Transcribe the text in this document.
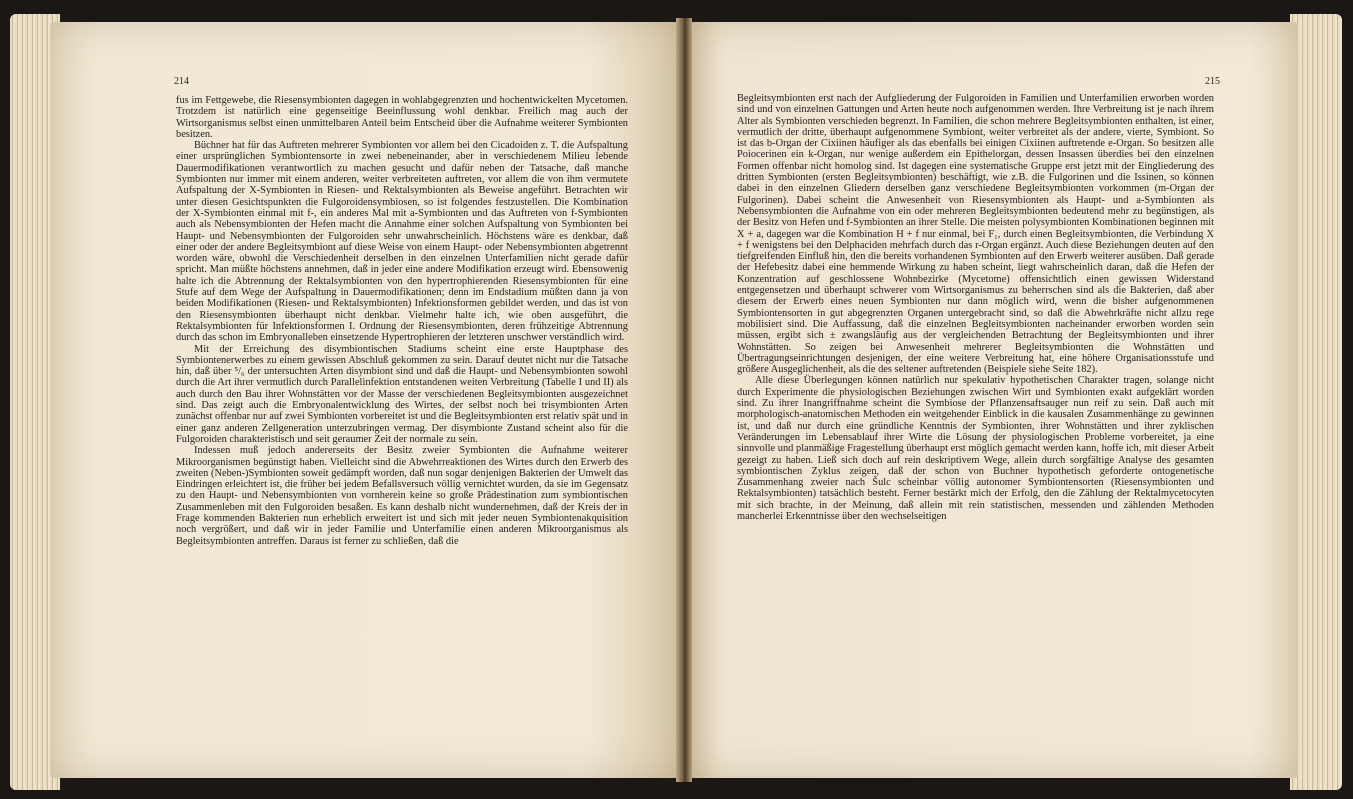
214	215

fus im Fettgewebe, die Riesensymbionten dagegen in wohlabgegrenzten und hochentwickelten Mycetomen. Trotzdem ist natürlich eine gegenseitige Beeinflussung wohl denkbar. Freilich mag auch der Wirtsorganismus selbst einen unmittelbaren Anteil beim Entscheid über die Aufnahme weiterer Symbionten besitzen.

Büchner hat für das Auftreten mehrerer Symbionten vor allem bei den Cicadoiden z. T. die Aufspaltung einer ursprünglichen Symbiontensorte in zwei nebeneinander, aber in verschiedenem Milieu lebende Dauermodifikationen verantwortlich zu machen gesucht und dafür neben der Tatsache, daß manche Symbionten nur immer mit einem anderen, weiter verbreiteten auftreten, vor allem die von ihm vermutete Aufspaltung der X-Symbionten in Riesen- und Rektalsymbionten als Beweise angeführt. Betrachten wir unter diesen Gesichtspunkten die Fulgoroidensymbiosen, so ist folgendes festzustellen. Die Kombination der X-Symbionten einmal mit f-, ein anderes Mal mit a-Symbionten und das Auftreten von f-Symbionten auch als Nebensymbionten der Hefen macht die Annahme einer solchen Aufspaltung von Symbionten bei Haupt- und Nebensymbionten der Fulgoroiden sehr unwahrscheinlich. Höchstens wäre es denkbar, daß einer oder der andere Begleitsymbiont auf diese Weise von einem Haupt- oder Nebensymbionten abgetrennt worden wäre, obwohl die Verschiedenheit derselben in den einzelnen Unterfamilien nicht gerade dafür spricht. Man müßte höchstens annehmen, daß in jeder eine andere Modifikation erzeugt wird. Ebensowenig halte ich die Abtrennung der Rektalsymbionten von den hypertrophierenden Riesensymbionten für eine Stufe auf dem Wege der Aufspaltung in Dauermodifikationen; denn im Endstadium müßten dann ja von beiden Modifikationen (Riesen- und Rektalsymbionten) Infektionsformen gebildet werden, und das ist von den Riesensymbionten überhaupt nicht denkbar. Vielmehr halte ich, wie oben ausgeführt, die Rektalsymbionten für Infektionsformen I. Ordnung der Riesensymbionten, deren frühzeitige Abtrennung durch das schon im Embryonalleben einsetzende Hypertrophieren der letzteren unschwer verständlich wird.

Mit der Erreichung des disymbiontischen Stadiums scheint eine erste Hauptphase des Symbiontenerwerbes zu einem gewissen Abschluß gekommen zu sein. Darauf deutet nicht nur die Tatsache hin, daß über ⁵/₆ der untersuchten Arten disymbiont sind und daß die Haupt- und Nebensymbionten sowohl durch die Art ihrer vermutlich durch Parallelinfektion entstandenen weiten Verbreitung (Tabelle I und II) als auch durch den Bau ihrer Wohnstätten vor der Masse der verschiedenen Begleitsymbionten ausgezeichnet sind. Das zeigt auch die Embryonalentwicklung des Wirtes, der selbst noch bei trisymbionten Arten zunächst offenbar nur auf zwei Symbionten vorbereitet ist und die Begleitsymbionten erst relativ spät und in einer ganz anderen Zellgeneration unterzubringen vermag. Der disymbionte Zustand scheint also für die Fulgoroiden charakteristisch und seit geraumer Zeit der normale zu sein.

Indessen muß jedoch andererseits der Besitz zweier Symbionten die Aufnahme weiterer Mikroorganismen begünstigt haben. Vielleicht sind die Abwehrreaktionen des Wirtes durch den Erwerb des zweiten (Neben-)Symbionten soweit gedämpft worden, daß nun sogar denjenigen Bakterien der Umwelt das Eindringen erleichtert ist, die früher bei jedem Befallsversuch völlig vernichtet wurden, da sie im Gegensatz zu den Haupt- und Nebensymbionten von vornherein keine so große Prädestination zum symbiontischen Zusammenleben mit den Fulgoroiden besaßen. Es kann deshalb nicht wundernehmen, daß der Kreis der in Frage kommenden Bakterien nun erheblich erweitert ist und sich mit jeder neuen Symbiontenakquisition noch vergrößert, und daß wir in jeder Familie und Unterfamilie einen anderen Mikroorganismus als Begleitsymbionten antreffen. Daraus ist ferner zu schließen, daß die

Begleitsymbionten erst nach der Aufgliederung der Fulgoroiden in Familien und Unterfamilien erworben worden sind und von einzelnen Gattungen und Arten heute noch aufgenommen werden. Ihre Verbreitung ist je nach ihrem Alter als Symbionten verschieden begrenzt. In Familien, die schon mehrere Begleitsymbionten enthalten, ist einer, vermutlich der dritte, überhaupt aufgenommene Symbiont, weiter verbreitet als der andere, vierte, Symbiont. So ist das b-Organ der Cixiinen häufiger als das ebenfalls bei einigen Cixiinen auftretende e-Organ. So besitzen alle Poiocerinen ein k-Organ, nur wenige außerdem ein Epithelorgan, dessen Insassen überdies bei den einzelnen Formen offenbar nicht homolog sind. Ist dagegen eine systematische Gruppe erst jetzt mit der Eingliederung des dritten Symbionten (ersten Begleitsymbionten) beschäftigt, wie z.B. die Fulgorinen und die Issinen, so können dabei in den einzelnen Gliedern derselben ganz verschiedene Begleitsymbionten vorkommen (m-Organ der Fulgorinen). Dabei scheint die Anwesenheit von Riesensymbionten als Haupt- und a-Symbionten als Nebensymbionten die Aufnahme von ein oder mehreren Begleitsymbionten bedeutend mehr zu begünstigen, als der Besitz von Hefen und f-Symbionten an ihrer Stelle. Die meisten polysymbionten Kombinationen beginnen mit X + a, dagegen war die Kombination H + f nur einmal, bei F₁, durch einen Begleitsymbionten, die Verbindung X + f wenigstens bei den Delphaciden mehrfach durch das r-Organ ergänzt. Auch diese Beziehungen deuten auf den tiefgreifenden Einfluß hin, den die bereits vorhandenen Symbionten auf den Erwerb weiterer ausüben. Daß gerade der Hefebesitz dabei eine hemmende Wirkung zu haben scheint, liegt wahrscheinlich daran, daß die Hefen der Konzentration auf geschlossene Wohnbezirke (Mycetome) offensichtlich einen gewissen Widerstand entgegensetzen und überhaupt schwerer vom Wirtsorganismus zu beherrschen sind als die Bakterien, daß aber diesem der Erwerb eines neuen Symbionten nur dann möglich wird, wenn die bisher aufgenommenen Symbiontensorten in gut abgegrenzten Organen untergebracht sind, so daß die Abwehrkräfte nicht allzu rege mobilisiert sind. Die Auffassung, daß die einzelnen Begleitsymbionten nacheinander erworben worden sein müssen, ergibt sich ± zwangsläufig aus der vergleichenden Betrachtung der Begleitsymbionten und ihrer Wohnstätten. So zeigen bei Anwesenheit mehrerer Begleitsymbionten die Wohnstätten und Übertragungseinrichtungen desjenigen, der eine weitere Verbreitung hat, eine höhere Organisationsstufe und größere Ausgeglichenheit, als die des seltener auftretenden (Beispiele siehe Seite 182).

Alle diese Überlegungen können natürlich nur spekulativ hypothetischen Charakter tragen, solange nicht durch Experimente die physiologischen Beziehungen zwischen Wirt und Symbionten exakt aufgeklärt worden sind. Zu ihrer Inangriffnahme scheint die Symbiose der Pflanzensaftsauger nun reif zu sein. Daß auch mit morphologisch-anatomischen Methoden ein weitgehender Einblick in die kausalen Zusammenhänge zu gewinnen ist, und daß nur durch eine gründliche Kenntnis der Symbionten, ihrer Wohnstätten und ihrer zyklischen Veränderungen im Lebensablauf ihrer Wirte die Lösung der physiologischen Probleme vorbereitet, ja eine sinnvolle und planmäßige Fragestellung überhaupt erst möglich gemacht werden kann, hoffe ich, mit dieser Arbeit gezeigt zu haben. Ließ sich doch auf rein deskriptivem Wege, allein durch sorgfältige Analyse des gesamten symbiontischen Zyklus zeigen, daß der schon von Buchner hypothetisch geforderte ontogenetische Zusammenhang zweier nach Šulc scheinbar völlig autonomer Symbiontensorten (Riesensymbionten und Rektalsymbionten) tatsächlich besteht. Ferner bestärkt mich der Erfolg, den die Zählung der Rektalmycetocyten mit sich brachte, in der Meinung, daß allein mit rein statistischen, messenden und zählenden Methoden mancherlei Erkenntnisse über den wechselseitigen
